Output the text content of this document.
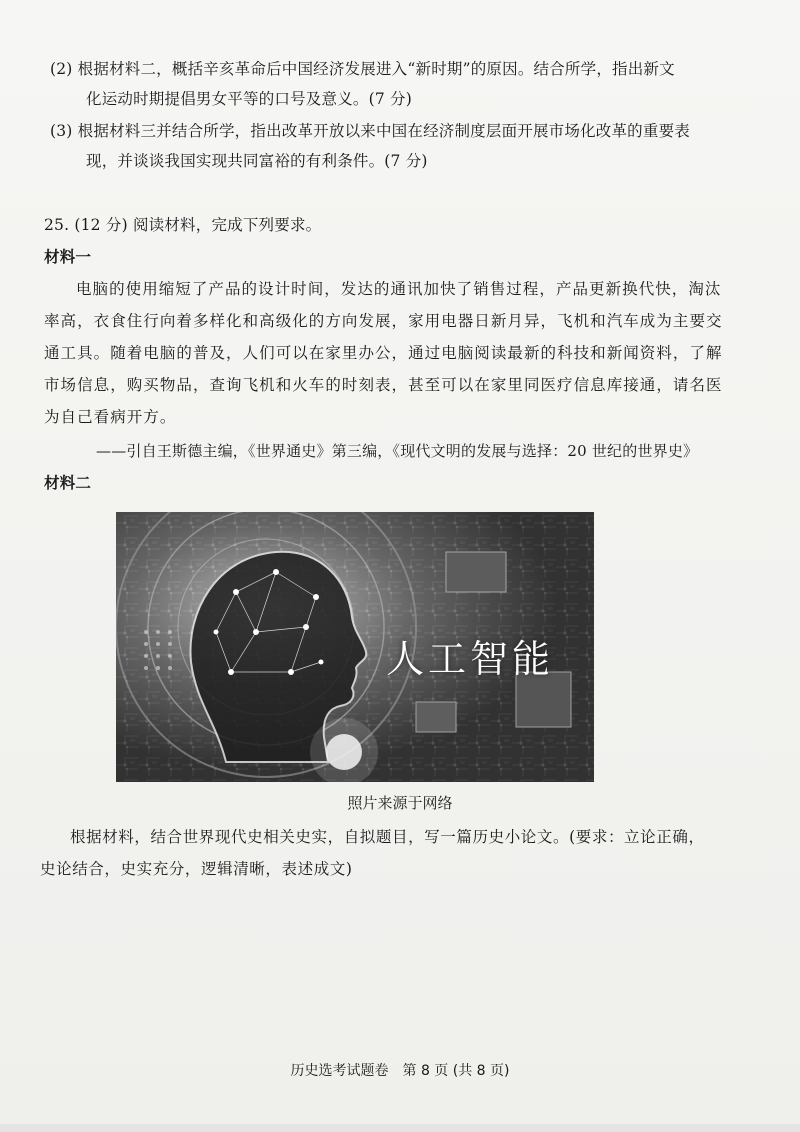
(2) 根据材料二，概括辛亥革命后中国经济发展进入“新时期”的原因。结合所学，指出新文
化运动时期提倡男女平等的口号及意义。(7 分)
(3) 根据材料三并结合所学，指出改革开放以来中国在经济制度层面开展市场化改革的重要表
现，并谈谈我国实现共同富裕的有利条件。(7 分)
25. (12 分) 阅读材料，完成下列要求。
材料一
电脑的使用缩短了产品的设计时间，发达的通讯加快了销售过程，产品更新换代快，淘汰
率高，衣食住行向着多样化和高级化的方向发展，家用电器日新月异，飞机和汽车成为主要交
通工具。随着电脑的普及，人们可以在家里办公，通过电脑阅读最新的科技和新闻资料，了解
市场信息，购买物品，查询飞机和火车的时刻表，甚至可以在家里同医疗信息库接通，请名医
为自己看病开方。
——引自王斯德主编，《世界通史》第三编，《现代文明的发展与选择：20 世纪的世界史》
材料二
人工智能
照片来源于网络
根据材料，结合世界现代史相关史实，自拟题目，写一篇历史小论文。(要求：立论正确，
史论结合，史实充分，逻辑清晰，表述成文)
历史选考试题卷　第 8 页 (共 8 页)
